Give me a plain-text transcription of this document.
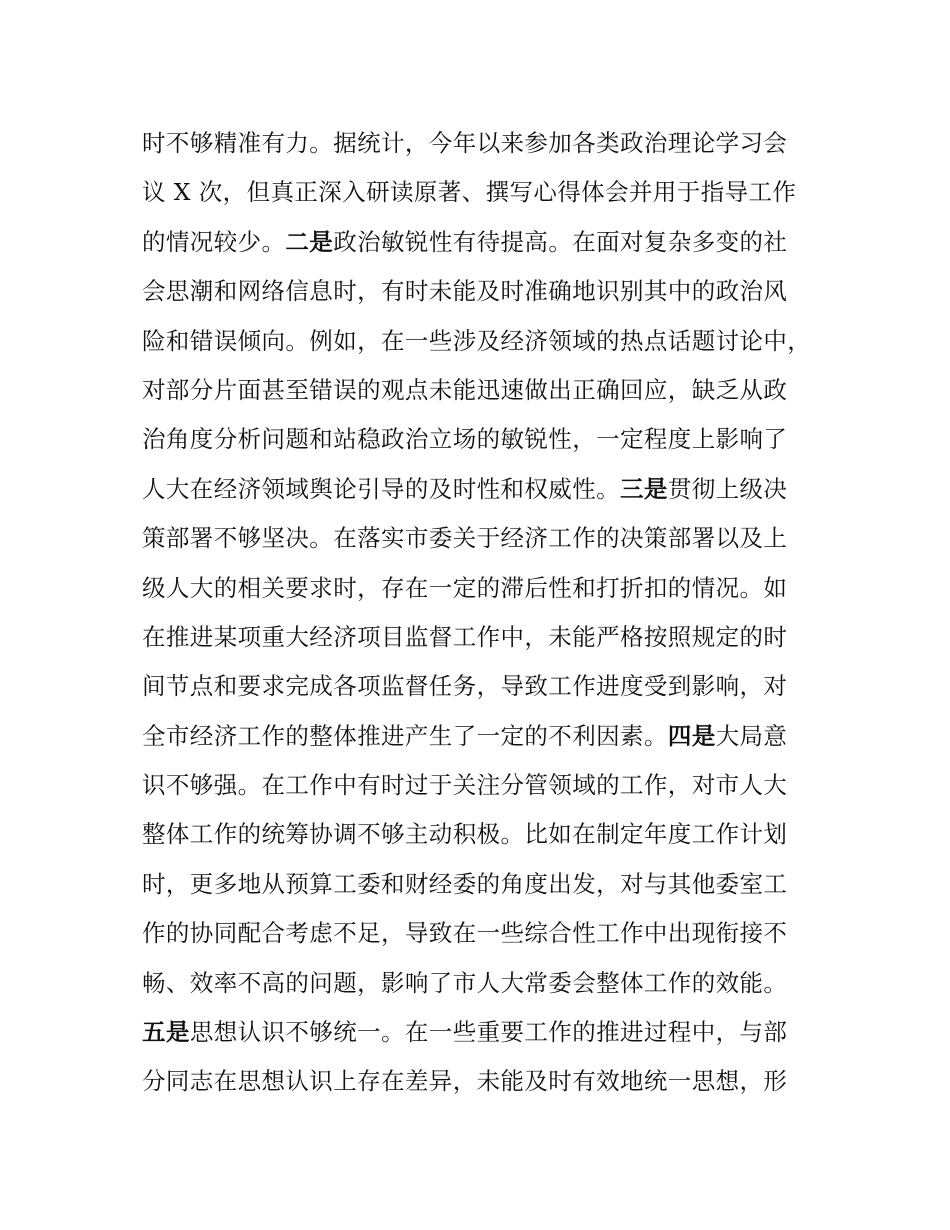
时不够精准有力。据统计，今年以来参加各类政治理论学习会
议 X 次，但真正深入研读原著、撰写心得体会并用于指导工作
的情况较少。二是政治敏锐性有待提高。在面对复杂多变的社
会思潮和网络信息时，有时未能及时准确地识别其中的政治风
险和错误倾向。例如，在一些涉及经济领域的热点话题讨论中，
对部分片面甚至错误的观点未能迅速做出正确回应，缺乏从政
治角度分析问题和站稳政治立场的敏锐性，一定程度上影响了
人大在经济领域舆论引导的及时性和权威性。三是贯彻上级决
策部署不够坚决。在落实市委关于经济工作的决策部署以及上
级人大的相关要求时，存在一定的滞后性和打折扣的情况。如
在推进某项重大经济项目监督工作中，未能严格按照规定的时
间节点和要求完成各项监督任务，导致工作进度受到影响，对
全市经济工作的整体推进产生了一定的不利因素。四是大局意
识不够强。在工作中有时过于关注分管领域的工作，对市人大
整体工作的统筹协调不够主动积极。比如在制定年度工作计划
时，更多地从预算工委和财经委的角度出发，对与其他委室工
作的协同配合考虑不足，导致在一些综合性工作中出现衔接不
畅、效率不高的问题，影响了市人大常委会整体工作的效能。
五是思想认识不够统一。在一些重要工作的推进过程中，与部
分同志在思想认识上存在差异，未能及时有效地统一思想，形
